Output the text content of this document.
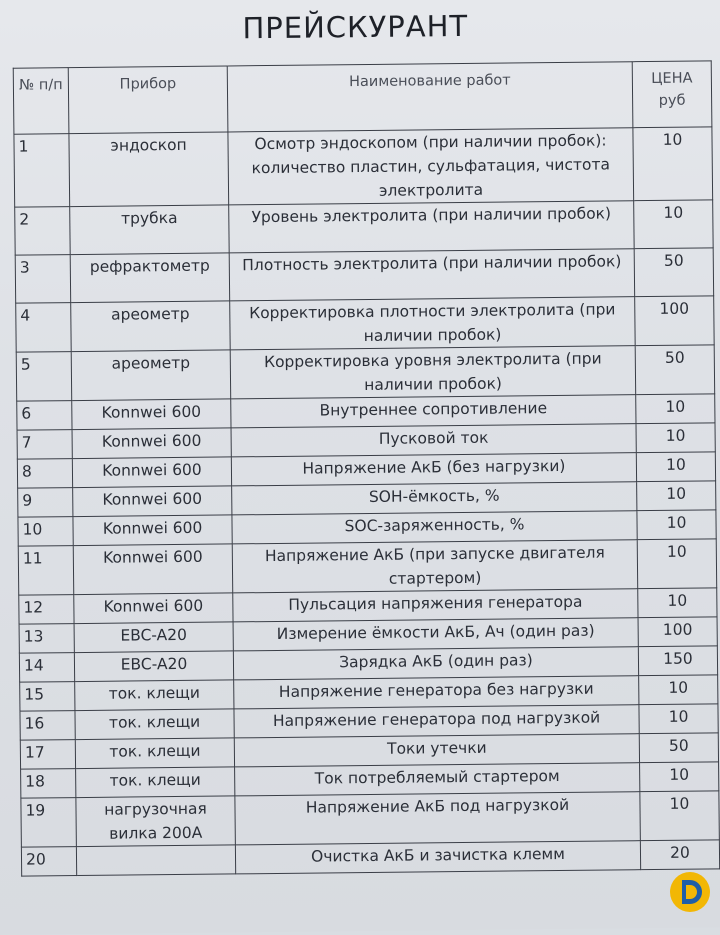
ПРЕЙСКУРАНТ
№ п/п	Прибор	Наименование работ	ЦЕНА руб
1	эндоскоп	Осмотр эндоскопом (при наличии пробок): количество пластин, сульфатация, чистота электролита	10
2	трубка	Уровень электролита (при наличии пробок)	10
3	рефрактометр	Плотность электролита (при наличии пробок)	50
4	ареометр	Корректировка плотности электролита (при наличии пробок)	100
5	ареометр	Корректировка уровня электролита (при наличии пробок)	50
6	Konnwei 600	Внутреннее сопротивление	10
7	Konnwei 600	Пусковой ток	10
8	Konnwei 600	Напряжение АкБ (без нагрузки)	10
9	Konnwei 600	SOH-ёмкость, %	10
10	Konnwei 600	SOC-заряженность, %	10
11	Konnwei 600	Напряжение АкБ (при запуске двигателя стартером)	10
12	Konnwei 600	Пульсация напряжения генератора	10
13	EBC-A20	Измерение ёмкости АкБ, Ач (один раз)	100
14	EBC-A20	Зарядка АкБ (один раз)	150
15	ток. клещи	Напряжение генератора без нагрузки	10
16	ток. клещи	Напряжение генератора под нагрузкой	10
17	ток. клещи	Токи утечки	50
18	ток. клещи	Ток потребляемый стартером	10
19	нагрузочная вилка 200А	Напряжение АкБ под нагрузкой	10
20		Очистка АкБ и зачистка клемм	20
